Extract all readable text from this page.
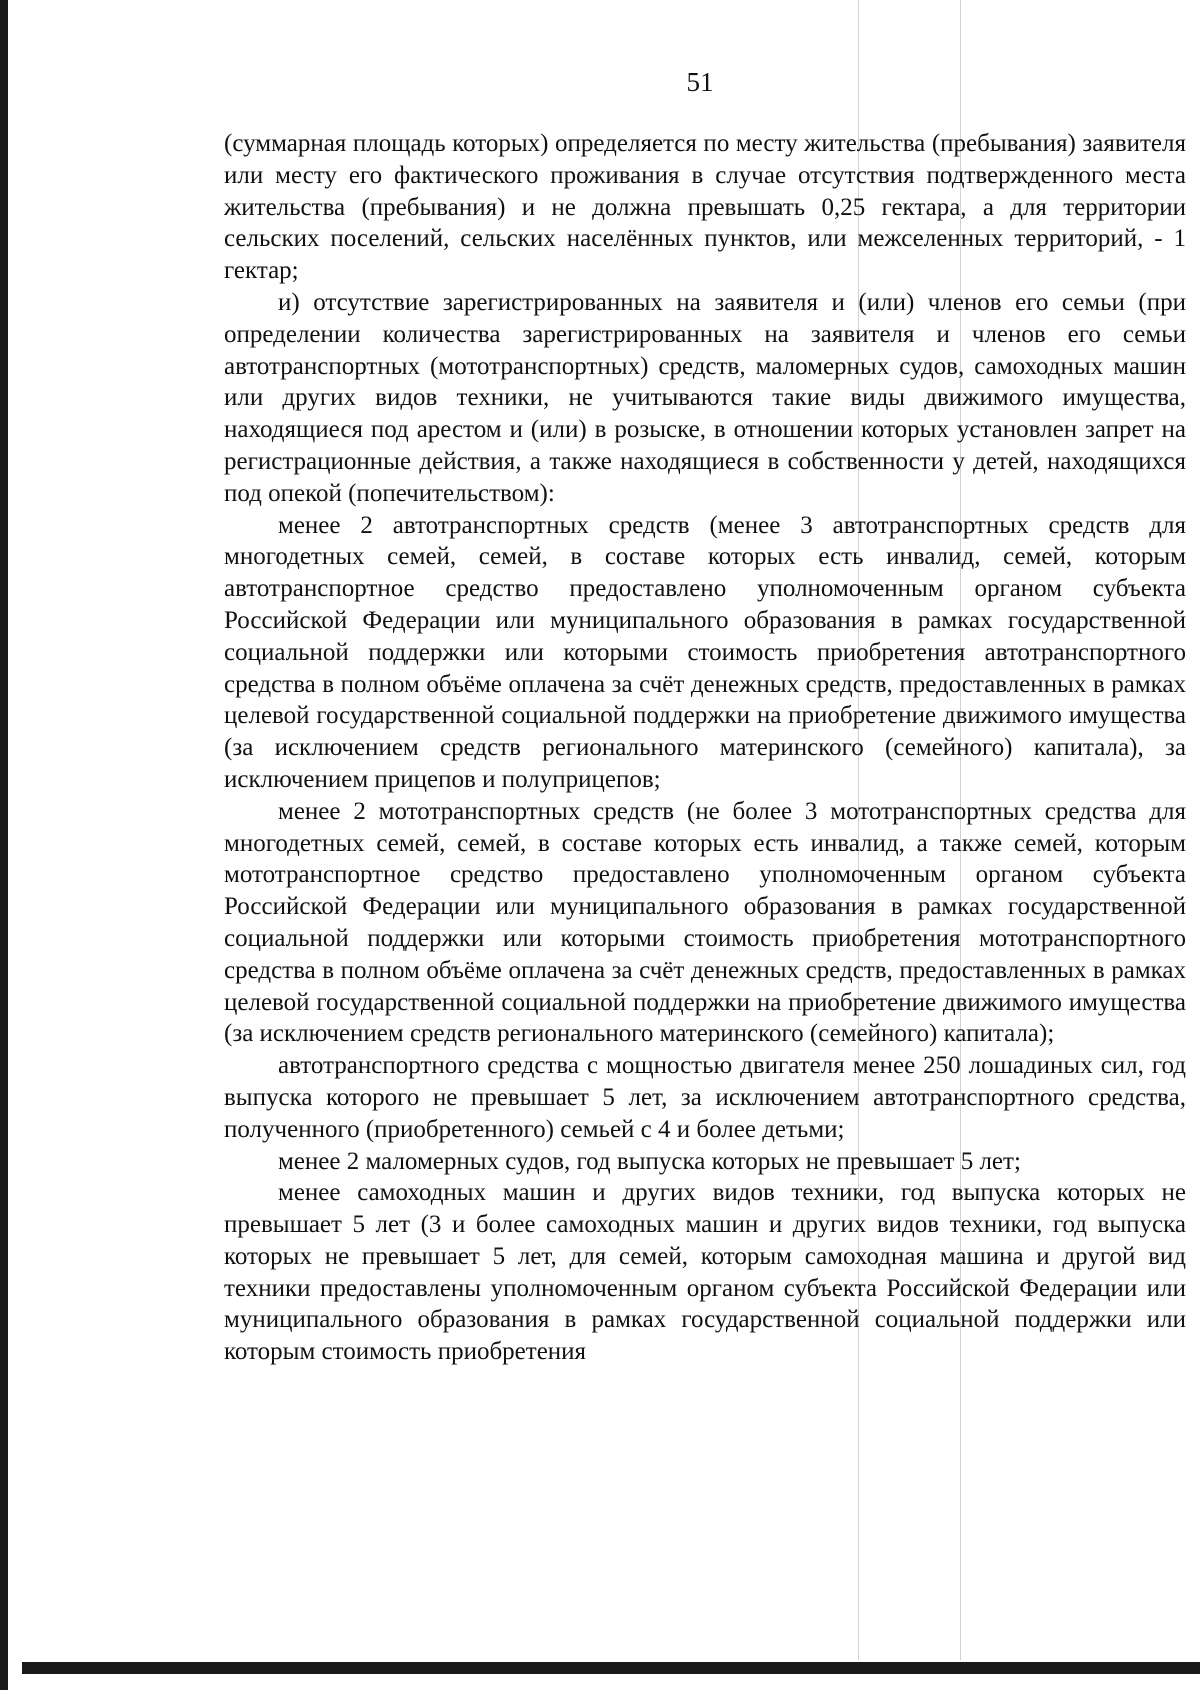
51

(суммарная площадь которых) определяется по месту жительства (пребывания) заявителя или месту его фактического проживания в случае отсутствия подтвержденного места жительства (пребывания) и не должна превышать 0,25 гектара, а для территории сельских поселений, сельских населённых пунктов, или межселенных территорий, - 1 гектар;

и) отсутствие зарегистрированных на заявителя и (или) членов его семьи (при определении количества зарегистрированных на заявителя и членов его семьи автотранспортных (мототранспортных) средств, маломерных судов, самоходных машин или других видов техники, не учитываются такие виды движимого имущества, находящиеся под арестом и (или) в розыске, в отношении которых установлен запрет на регистрационные действия, а также находящиеся в собственности у детей, находящихся под опекой (попечительством):

менее 2 автотранспортных средств (менее 3 автотранспортных средств для многодетных семей, семей, в составе которых есть инвалид, семей, которым автотранспортное средство предоставлено уполномоченным органом субъекта Российской Федерации или муниципального образования в рамках государственной социальной поддержки или которыми стоимость приобретения автотранспортного средства в полном объёме оплачена за счёт денежных средств, предоставленных в рамках целевой государственной социальной поддержки на приобретение движимого имущества (за исключением средств регионального материнского (семейного) капитала), за исключением прицепов и полуприцепов;

менее 2 мототранспортных средств (не более 3 мототранспортных средства для многодетных семей, семей, в составе которых есть инвалид, а также семей, которым мототранспортное средство предоставлено уполномоченным органом субъекта Российской Федерации или муниципального образования в рамках государственной социальной поддержки или которыми стоимость приобретения мототранспортного средства в полном объёме оплачена за счёт денежных средств, предоставленных в рамках целевой государственной социальной поддержки на приобретение движимого имущества (за исключением средств регионального материнского (семейного) капитала);

автотранспортного средства с мощностью двигателя менее 250 лошадиных сил, год выпуска которого не превышает 5 лет, за исключением автотранспортного средства, полученного (приобретенного) семьей с 4 и более детьми;

менее 2 маломерных судов, год выпуска которых не превышает 5 лет;

менее самоходных машин и других видов техники, год выпуска которых не превышает 5 лет (3 и более самоходных машин и других видов техники, год выпуска которых не превышает 5 лет, для семей, которым самоходная машина и другой вид техники предоставлены уполномоченным органом субъекта Российской Федерации или муниципального образования в рамках государственной социальной поддержки или которым стоимость приобретения
